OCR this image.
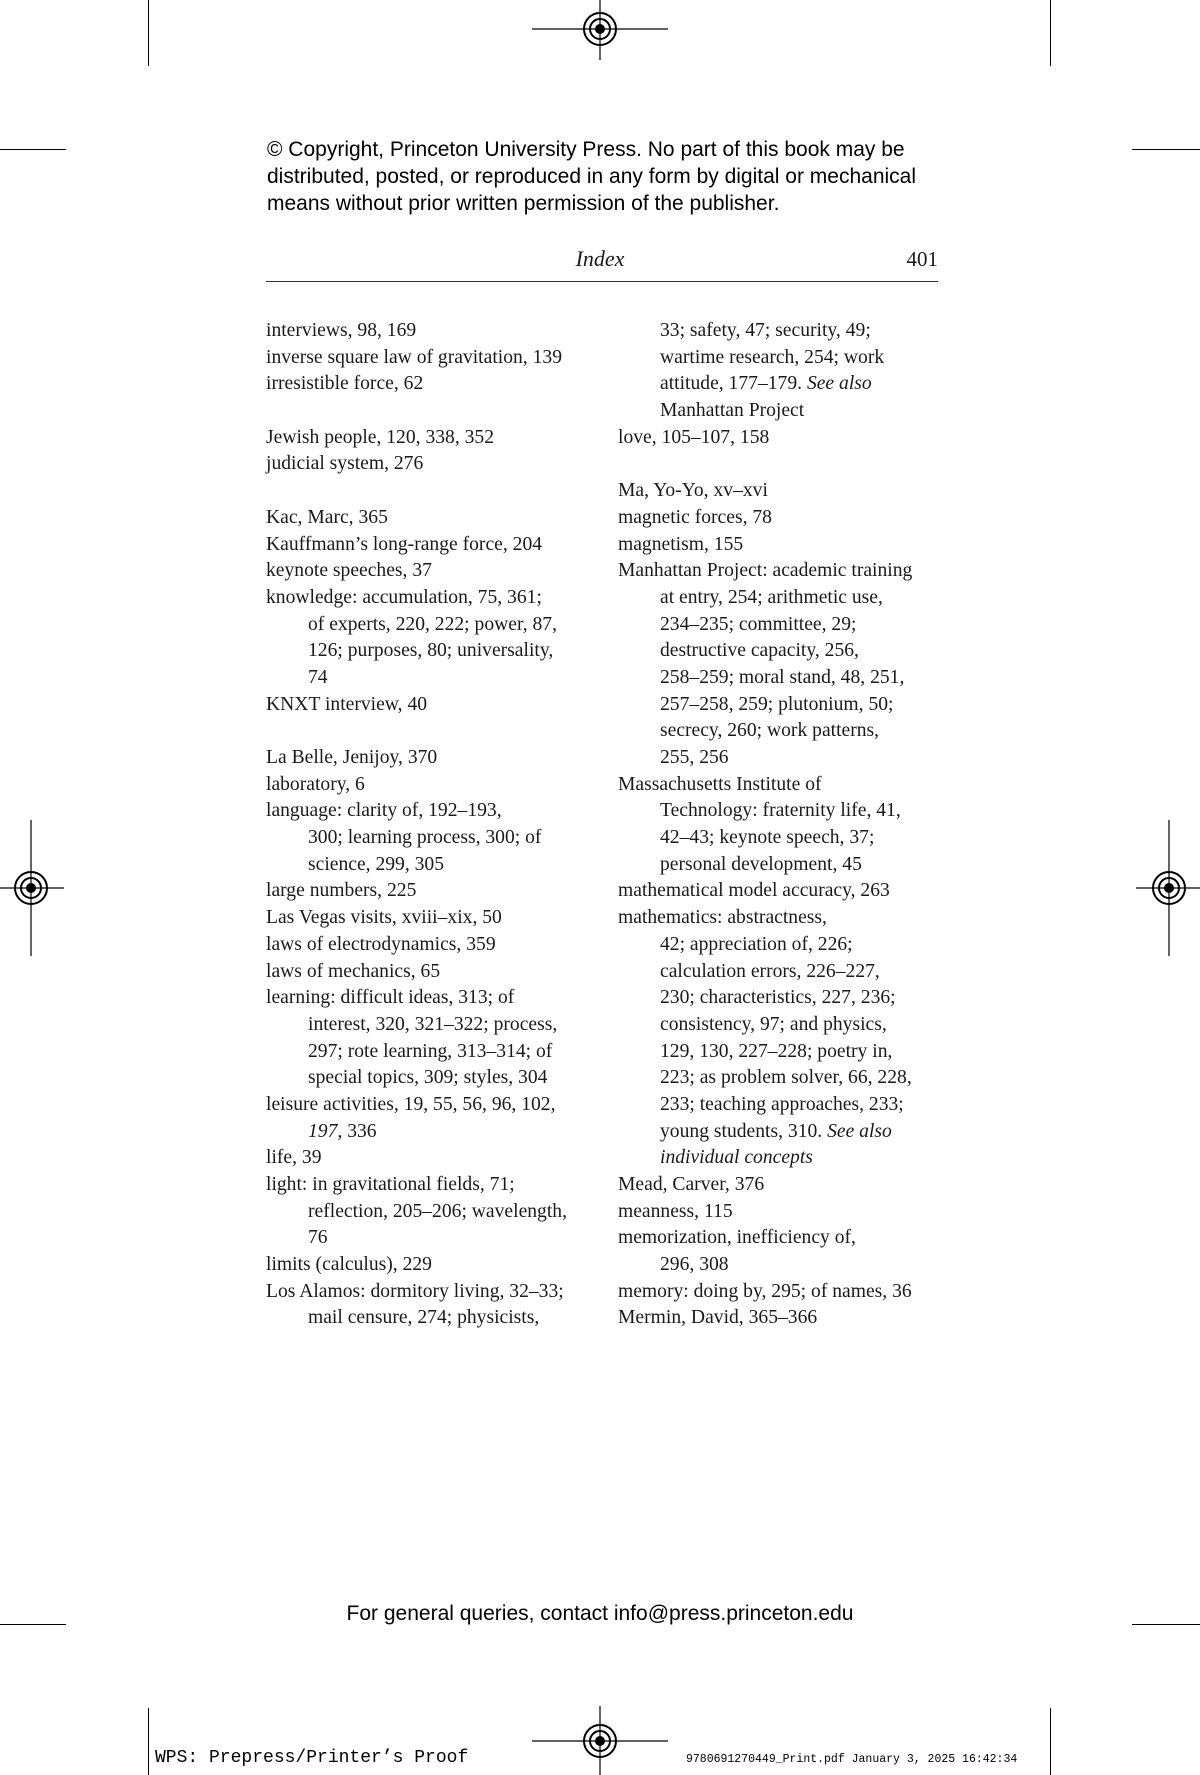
© Copyright, Princeton University Press. No part of this book may be
distributed, posted, or reproduced in any form by digital or mechanical
means without prior written permission of the publisher.
Index	401
interviews, 98, 169
inverse square law of gravitation, 139
irresistible force, 62
Jewish people, 120, 338, 352
judicial system, 276
Kac, Marc, 365
Kauffmann’s long-range force, 204
keynote speeches, 37
knowledge: accumulation, 75, 361;
of experts, 220, 222; power, 87,
126; purposes, 80; universality,
74
KNXT interview, 40
La Belle, Jenijoy, 370
laboratory, 6
language: clarity of, 192–193,
300; learning process, 300; of
science, 299, 305
large numbers, 225
Las Vegas visits, xviii–xix, 50
laws of electrodynamics, 359
laws of mechanics, 65
learning: difficult ideas, 313; of
interest, 320, 321–322; process,
297; rote learning, 313–314; of
special topics, 309; styles, 304
leisure activities, 19, 55, 56, 96, 102,
197, 336
life, 39
light: in gravitational fields, 71;
reflection, 205–206; wavelength,
76
limits (calculus), 229
Los Alamos: dormitory living, 32–33;
mail censure, 274; physicists,
33; safety, 47; security, 49;
wartime research, 254; work
attitude, 177–179. See also
Manhattan Project
love, 105–107, 158
Ma, Yo-Yo, xv–xvi
magnetic forces, 78
magnetism, 155
Manhattan Project: academic training
at entry, 254; arithmetic use,
234–235; committee, 29;
destructive capacity, 256,
258–259; moral stand, 48, 251,
257–258, 259; plutonium, 50;
secrecy, 260; work patterns,
255, 256
Massachusetts Institute of
Technology: fraternity life, 41,
42–43; keynote speech, 37;
personal development, 45
mathematical model accuracy, 263
mathematics: abstractness,
42; appreciation of, 226;
calculation errors, 226–227,
230; characteristics, 227, 236;
consistency, 97; and physics,
129, 130, 227–228; poetry in,
223; as problem solver, 66, 228,
233; teaching approaches, 233;
young students, 310. See also
individual concepts
Mead, Carver, 376
meanness, 115
memorization, inefficiency of,
296, 308
memory: doing by, 295; of names, 36
Mermin, David, 365–366
For general queries, contact info@press.princeton.edu
WPS: Prepress/Printer’s Proof	9780691270449_Print.pdf January 3, 2025 16:42:34
